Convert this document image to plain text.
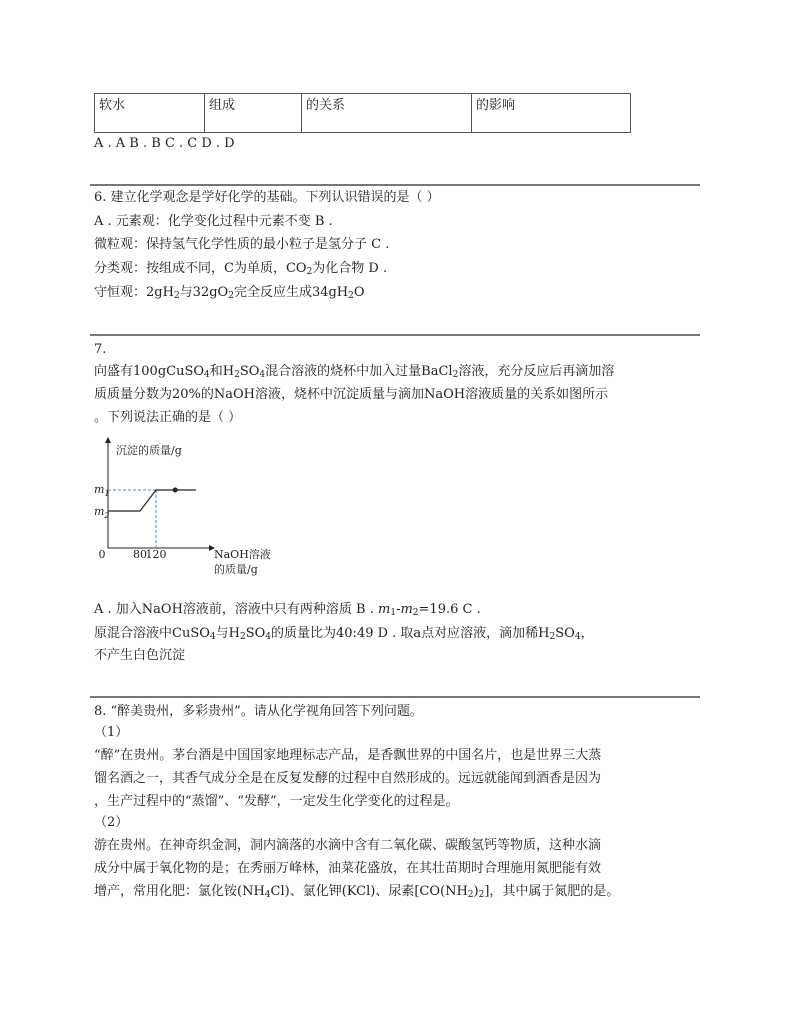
软水	组成	的关系	的影响
A . A B . B C . C D . D
6. 建立化学观念是学好化学的基础。下列认识错误的是（ ）
A . 元素观：化学变化过程中元素不变 B .
微粒观：保持氢气化学性质的最小粒子是氢分子 C .
分类观：按组成不同，C为单质，$CO_2$为化合物 D .
守恒观：$2gH_2$与$32gO_2$完全反应生成$34gH_2O$
7.
向盛有100gCuSO$_4$和$H_2SO_4$混合溶液的烧杯中加入过量BaCl$_2$溶液，充分反应后再滴加溶
质质量分数为20%的NaOH溶液，烧杯中沉淀质量与滴加NaOH溶液质量的关系如图所示
。下列说法正确的是（ ）
沉淀的质量/g
NaOH溶液
的质量/g
0	80
120
$m_1$
$m_2$
A . 加入NaOH溶液前，溶液中只有两种溶质 B . $m_1-m_2=19.6$ C .
原混合溶液中CuSO$_4$与$H_2SO_4$的质量比为40:49 D . 取a点对应溶液，滴加稀$H_2SO_4$，
不产生白色沉淀
8. “醉美贵州，多彩贵州”。请从化学视角回答下列问题。
（1）
“醉”在贵州。茅台酒是中国国家地理标志产品，是香飘世界的中国名片，也是世界三大蒸
馏名酒之一，其香气成分全是在反复发酵的过程中自然形成的。远远就能闻到酒香是因为
，生产过程中的“蒸馏”、“发酵”，一定发生化学变化的过程是。
（2）
游在贵州。在神奇织金洞，洞内滴落的水滴中含有二氧化碳、碳酸氢钙等物质，这种水滴
成分中属于氧化物的是；在秀丽万峰林，油菜花盛放，在其壮苗期时合理施用氮肥能有效
增产，常用化肥：氯化铵$(NH_4Cl)$、氯化钾(KCl)、尿素$[CO(NH_2)_2]$，其中属于氮肥的是。
